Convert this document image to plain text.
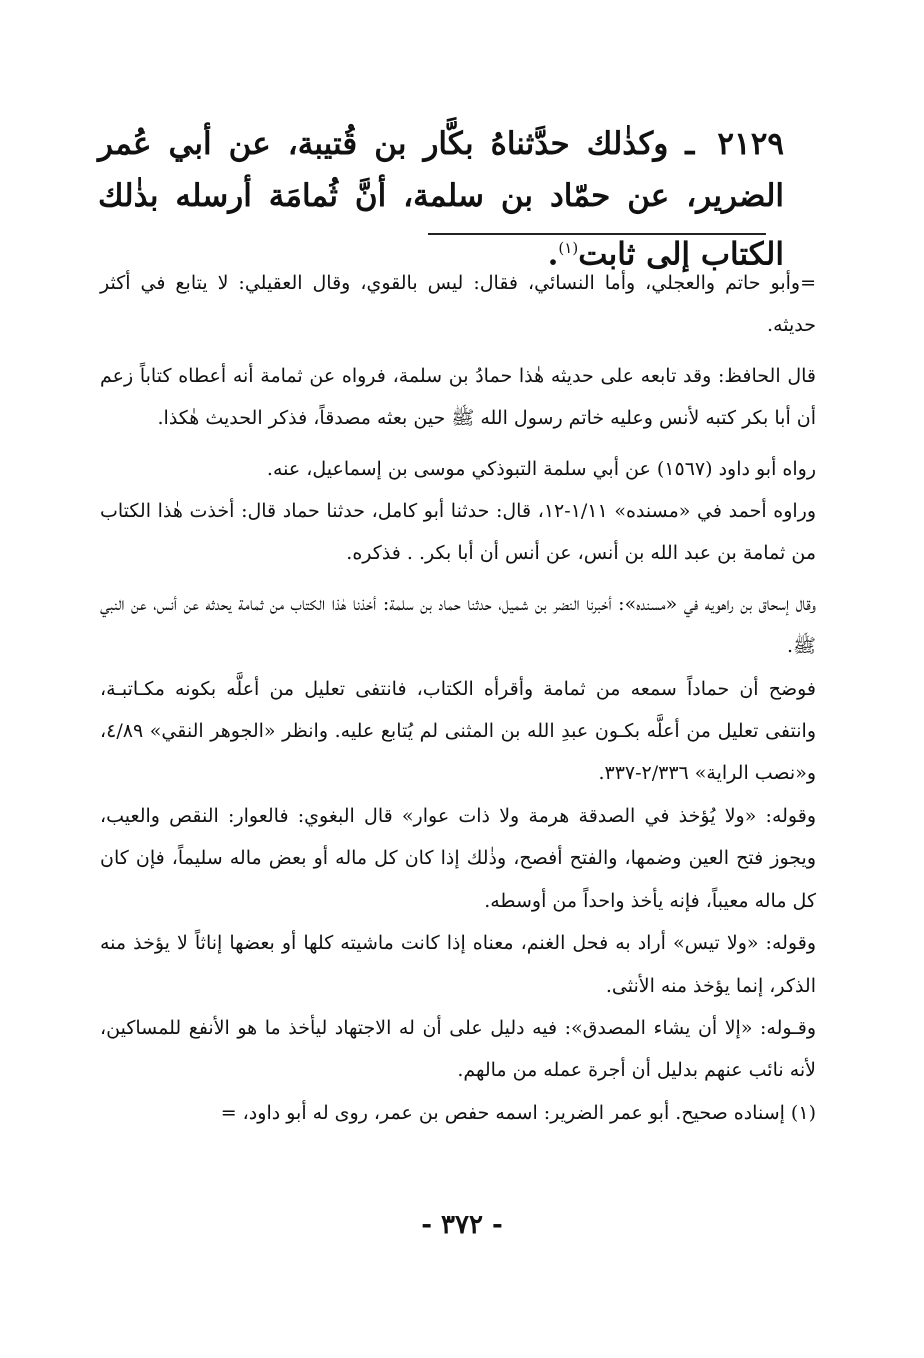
٢١٢٩ ـ وكذٰلك حدَّثناهُ بكَّار بن قُتيبة، عن أبي عُمر الضرير، عن حمّاد بن سلمة، أنَّ ثُمامَة أرسله بذٰلك الكتاب إلى ثابت$^{(١)}$.

=وأبو حاتم والعجلي، وأما النسائي، فقال: ليس بالقوي، وقال العقيلي: لا يتابع في أكثر حديثه.

قال الحافظ: وقد تابعه على حديثه هٰذا حمادُ بن سلمة، فرواه عن ثمامة أنه أعطاه كتاباً زعم أن أبا بكر كتبه لأنس وعليه خاتم رسول الله ﷺ حين بعثه مصدقاً، فذكر الحديث هٰكذا.

رواه أبو داود (١٥٦٧) عن أبي سلمة التبوذكي موسى بن إسماعيل، عنه.

وراوه أحمد في «مسنده» ١/١١-١٢، قال: حدثنا أبو كامل، حدثنا حماد قال: أخذت هٰذا الكتاب من ثمامة بن عبد الله بن أنس، عن أنس أن أبا بكر. . فذكره.

وقال إسحاق بن راهويه في «مسنده»: أخبرنا النضر بن شميل، حدثنا حماد بن سلمة: أخذنا هٰذا الكتاب من ثمامة يحدثه عن أنس، عن النبي ﷺ.

فوضح أن حماداً سمعه من ثمامة وأقرأه الكتاب، فانتفى تعليل من أعلَّه بكونه مكـاتبـة، وانتفى تعليل من أعلَّه بكـون عبدِ الله بن المثنى لم يُتابع عليه. وانظر «الجوهر النقي» ٤/٨٩، و«نصب الراية» ٢/٣٣٦-٣٣٧.

وقوله: «ولا يُؤخذ في الصدقة هرمة ولا ذات عوار» قال البغوي: فالعوار: النقص والعيب، ويجوز فتح العين وضمها، والفتح أفصح، وذٰلك إذا كان كل ماله أو بعض ماله سليماً، فإن كان كل ماله معيباً، فإنه يأخذ واحداً من أوسطه.

وقوله: «ولا تيس» أراد به فحل الغنم، معناه إذا كانت ماشيته كلها أو بعضها إناثاً لا يؤخذ منه الذكر، إنما يؤخذ منه الأنثى.

وقـوله: «إلا أن يشاء المصدق»: فيه دليل على أن له الاجتهاد ليأخذ ما هو الأنفع للمساكين، لأنه نائب عنهم بدليل أن أجرة عمله من مالهم.

(١) إسناده صحيح. أبو عمر الضرير: اسمه حفص بن عمر، روى له أبو داود، =

- ٣٧٢ -
